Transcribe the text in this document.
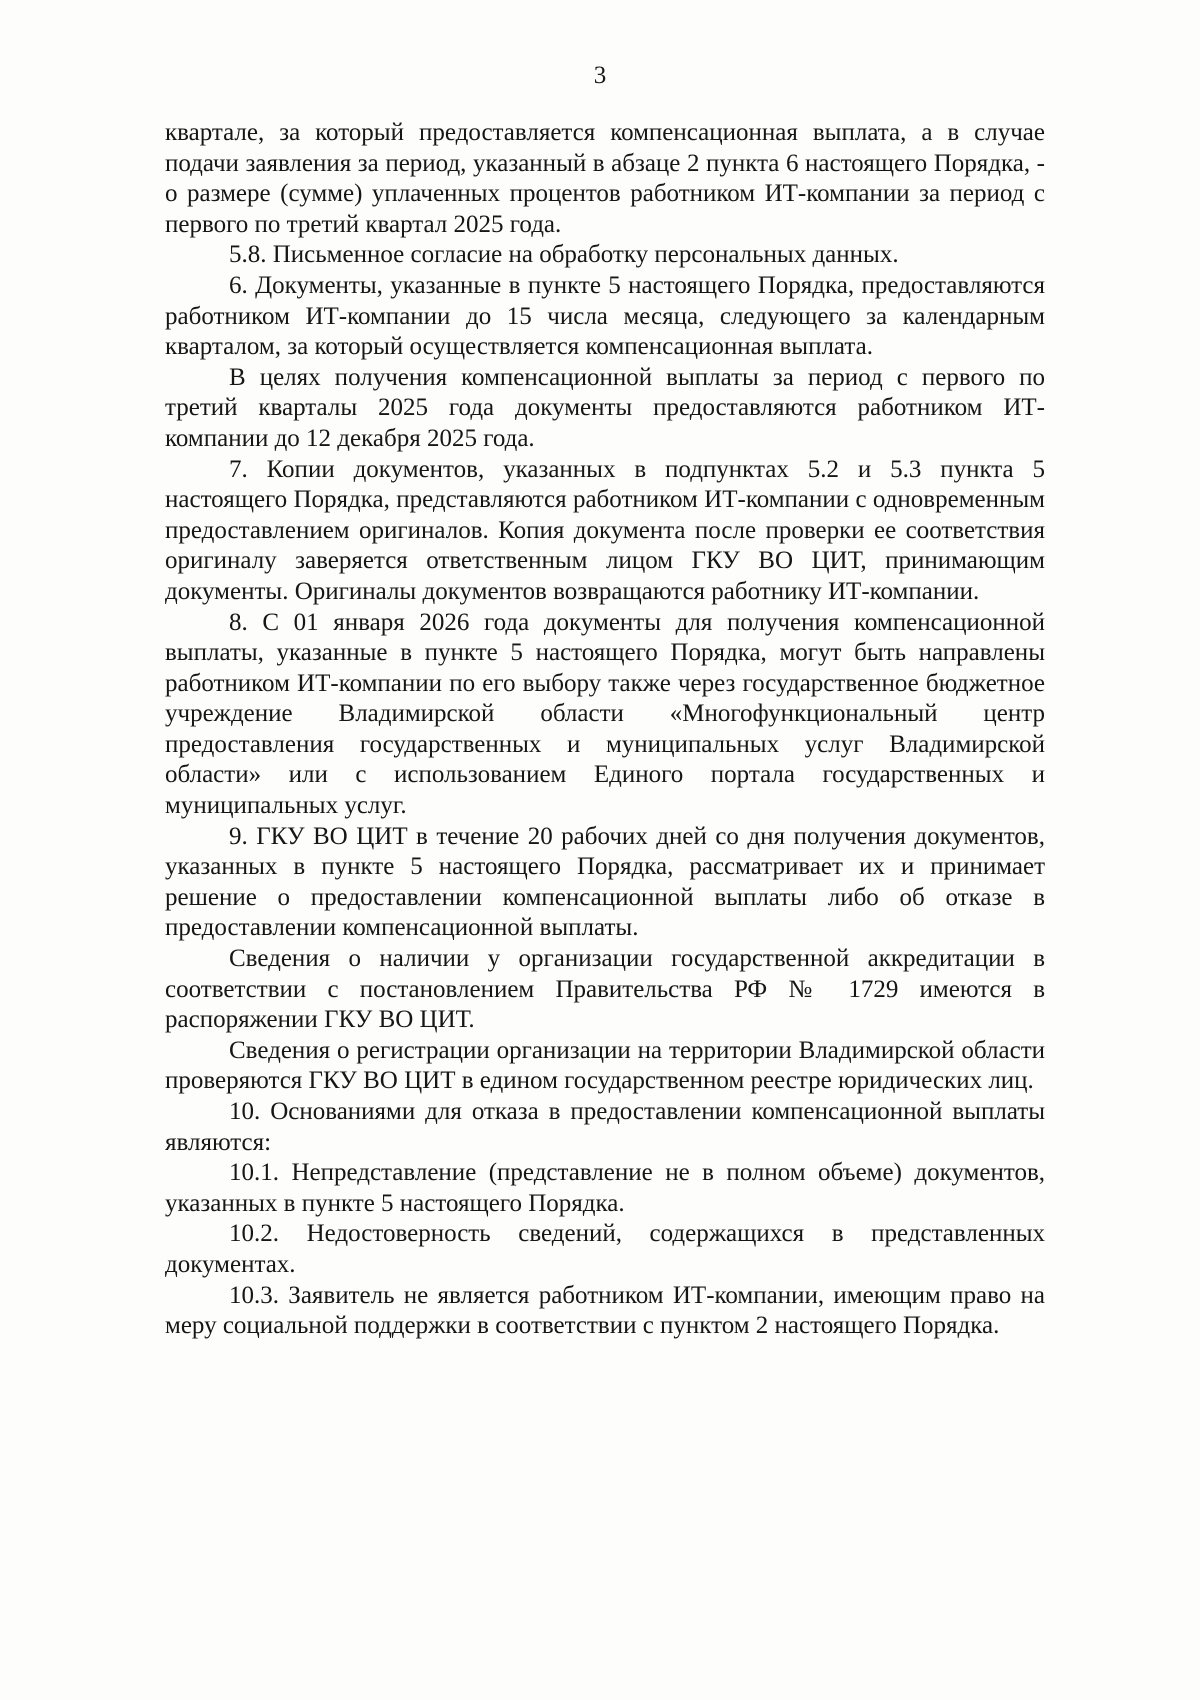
3

квартале, за который предоставляется компенсационная выплата, а в случае подачи заявления за период, указанный в абзаце 2 пункта 6 настоящего Порядка, - о размере (сумме) уплаченных процентов работником ИТ-компании за период с первого по третий квартал 2025 года.

5.8. Письменное согласие на обработку персональных данных.

6. Документы, указанные в пункте 5 настоящего Порядка, предоставляются работником ИТ-компании до 15 числа месяца, следующего за календарным кварталом, за который осуществляется компенсационная выплата.

В целях получения компенсационной выплаты за период с первого по третий кварталы 2025 года документы предоставляются работником ИТ-компании до 12 декабря 2025 года.

7. Копии документов, указанных в подпунктах 5.2 и 5.3 пункта 5 настоящего Порядка, представляются работником ИТ-компании с одновременным предоставлением оригиналов. Копия документа после проверки ее соответствия оригиналу заверяется ответственным лицом ГКУ ВО ЦИТ, принимающим документы. Оригиналы документов возвращаются работнику ИТ-компании.

8. С 01 января 2026 года документы для получения компенсационной выплаты, указанные в пункте 5 настоящего Порядка, могут быть направлены работником ИТ-компании по его выбору также через государственное бюджетное учреждение Владимирской области «Многофункциональный центр предоставления государственных и муниципальных услуг Владимирской области» или с использованием Единого портала государственных и муниципальных услуг.

9. ГКУ ВО ЦИТ в течение 20 рабочих дней со дня получения документов, указанных в пункте 5 настоящего Порядка, рассматривает их и принимает решение о предоставлении компенсационной выплаты либо об отказе в предоставлении компенсационной выплаты.

Сведения о наличии у организации государственной аккредитации в соответствии с постановлением Правительства РФ № 1729 имеются в распоряжении ГКУ ВО ЦИТ.

Сведения о регистрации организации на территории Владимирской области проверяются ГКУ ВО ЦИТ в едином государственном реестре юридических лиц.

10. Основаниями для отказа в предоставлении компенсационной выплаты являются:

10.1. Непредставление (представление не в полном объеме) документов, указанных в пункте 5 настоящего Порядка.

10.2. Недостоверность сведений, содержащихся в представленных документах.

10.3. Заявитель не является работником ИТ-компании, имеющим право на меру социальной поддержки в соответствии с пунктом 2 настоящего Порядка.
